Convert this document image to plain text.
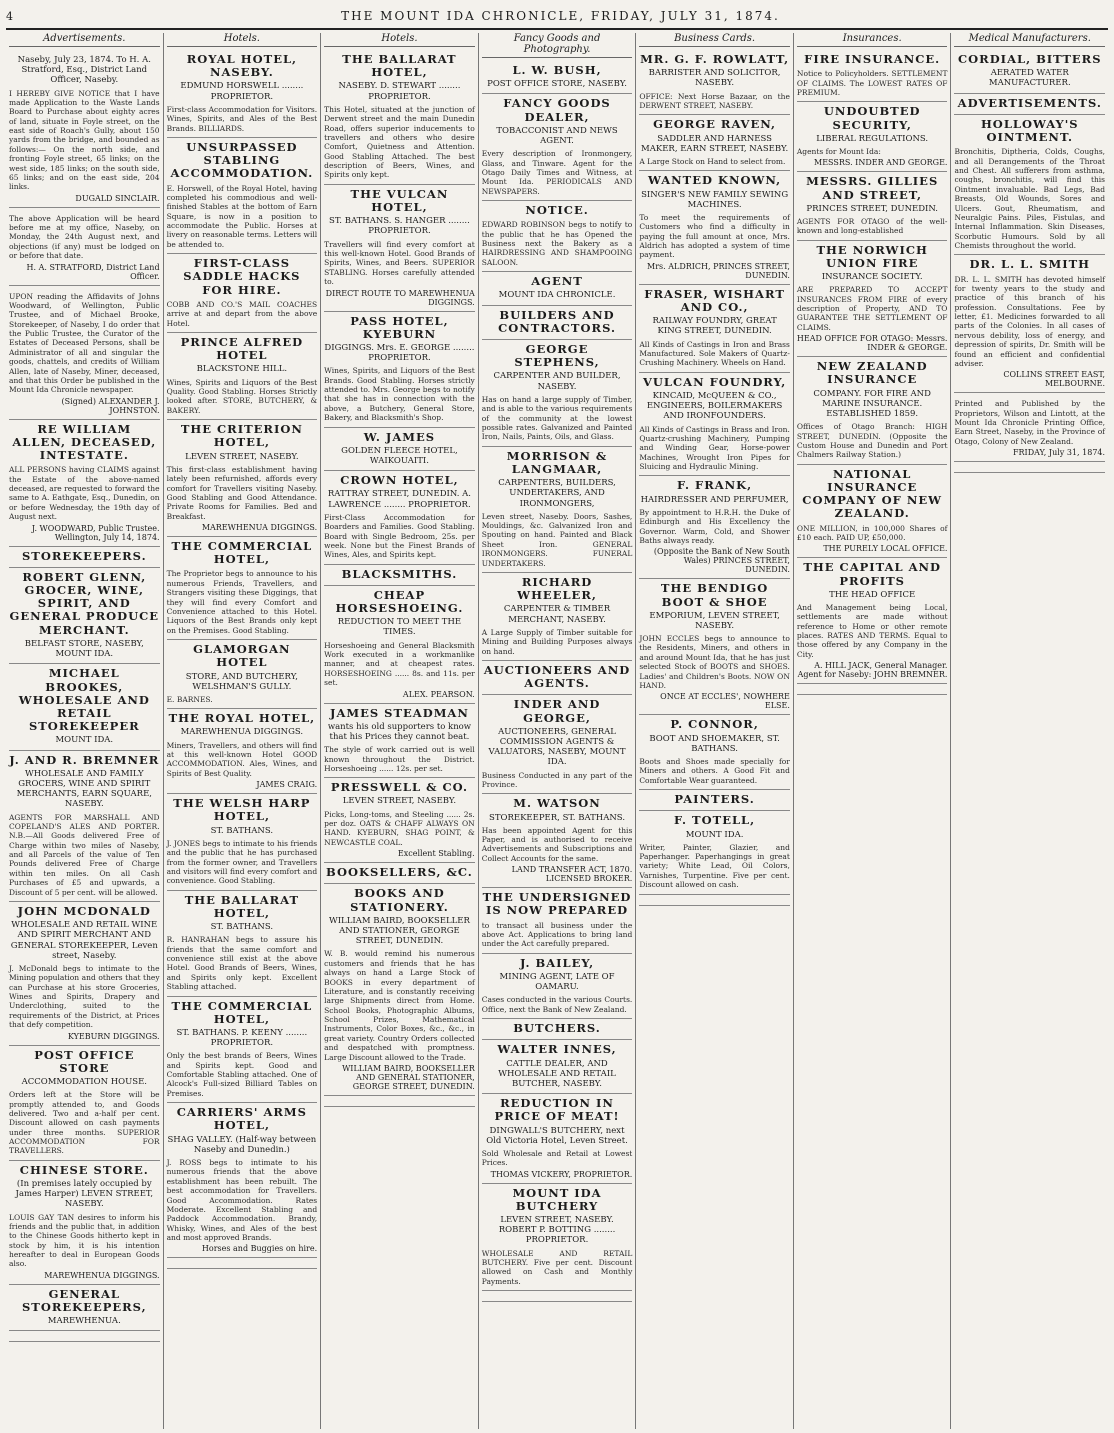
4	THE MOUNT IDA CHRONICLE, FRIDAY, JULY 31, 1874.
Advertisements.
Naseby, July 23, 1874. To H. A. Stratford, Esq., District Land Officer, Naseby.
I HEREBY GIVE NOTICE that I have made Application to the Waste Lands Board to Purchase about eighty acres of land, situate in Foyle street, on the east side of Roach's Gully, about 150 yards from the bridge, and bounded as follows:— On the north side, and fronting Foyle street, 65 links; on the west side, 185 links; on the south side, 65 links; and on the east side, 204 links.
DUGALD SINCLAIR.
The above Application will be heard before me at my office, Naseby, on Monday, the 24th August next, and objections (if any) must be lodged on or before that date.
H. A. STRATFORD, District Land Officer.
UPON reading the Affidavits of Johns Woodward, of Wellington, Public Trustee, and of Michael Brooke, Storekeeper, of Naseby, I do order that the Public Trustee, the Curator of the Estates of Deceased Persons, shall be Administrator of all and singular the goods, chattels, and credits of William Allen, late of Naseby, Miner, deceased, and that this Order be published in the Mount Ida Chronicle newspaper.
(Signed) ALEXANDER J. JOHNSTON.
RE WILLIAM ALLEN, DECEASED, INTESTATE.
ALL PERSONS having CLAIMS against the Estate of the above-named deceased, are requested to forward the same to A. Eathgate, Esq., Dunedin, on or before Wednesday, the 19th day of August next.
J. WOODWARD, Public Trustee. Wellington, July 14, 1874.
STOREKEEPERS.
ROBERT GLENN, GROCER, WINE, SPIRIT, AND GENERAL PRODUCE MERCHANT.
BELFAST STORE, NASEBY, MOUNT IDA.
MICHAEL BROOKES, WHOLESALE AND RETAIL STOREKEEPER
MOUNT IDA.
J. AND R. BREMNER
WHOLESALE AND FAMILY GROCERS, WINE AND SPIRIT MERCHANTS, EARN SQUARE, NASEBY.
AGENTS FOR MARSHALL AND COPELAND'S ALES AND PORTER. N.B.—All Goods delivered Free of Charge within two miles of Naseby, and all Parcels of the value of Ten Pounds delivered Free of Charge within ten miles. On all Cash Purchases of £5 and upwards, a Discount of 5 per cent. will be allowed.
JOHN MCDONALD
WHOLESALE AND RETAIL WINE AND SPIRIT MERCHANT AND GENERAL STOREKEEPER, Leven street, Naseby.
J. McDonald begs to intimate to the Mining population and others that they can Purchase at his store Groceries, Wines and Spirits, Drapery and Underclothing, suited to the requirements of the District, at Prices that defy competition.
KYEBURN DIGGINGS.
POST OFFICE STORE
ACCOMMODATION HOUSE.
Orders left at the Store will be promptly attended to, and Goods delivered. Two and a-half per cent. Discount allowed on cash payments under three months. SUPERIOR ACCOMMODATION FOR TRAVELLERS.
CHINESE STORE.
(In premises lately occupied by James Harper) LEVEN STREET, NASEBY.
LOUIS GAY TAN desires to inform his friends and the public that, in addition to the Chinese Goods hitherto kept in stock by him, it is his intention hereafter to deal in European Goods also.
MAREWHENUA DIGGINGS.
GENERAL STOREKEEPERS,
MAREWHENUA.
Hotels.
ROYAL HOTEL, NASEBY.
EDMUND HORSWELL ........ PROPRIETOR.
First-class Accommodation for Visitors. Wines, Spirits, and Ales of the Best Brands. BILLIARDS.
UNSURPASSED STABLING ACCOMMODATION.
E. Horswell, of the Royal Hotel, having completed his commodious and well-finished Stables at the bottom of Earn Square, is now in a position to accommodate the Public. Horses at livery on reasonable terms. Letters will be attended to.
FIRST-CLASS SADDLE HACKS FOR HIRE.
COBB AND CO.'S MAIL COACHES arrive at and depart from the above Hotel.
PRINCE ALFRED HOTEL
BLACKSTONE HILL.
Wines, Spirits and Liquors of the Best Quality. Good Stabling. Horses Strictly looked after. STORE, BUTCHERY, & BAKERY.
THE CRITERION HOTEL,
LEVEN STREET, NASEBY.
This first-class establishment having lately been refurnished, affords every comfort for Travellers visiting Naseby. Good Stabling and Good Attendance. Private Rooms for Families. Bed and Breakfast.
MAREWHENUA DIGGINGS.
THE COMMERCIAL HOTEL,
The Proprietor begs to announce to his numerous Friends, Travellers, and Strangers visiting these Diggings, that they will find every Comfort and Convenience attached to this Hotel. Liquors of the Best Brands only kept on the Premises. Good Stabling.
GLAMORGAN HOTEL
STORE, AND BUTCHERY, WELSHMAN'S GULLY.
E. BARNES.
THE ROYAL HOTEL,
MAREWHENUA DIGGINGS.
Miners, Travellers, and others will find at this well-known Hotel GOOD ACCOMMODATION. Ales, Wines, and Spirits of Best Quality.
JAMES CRAIG.
THE WELSH HARP HOTEL,
ST. BATHANS.
J. JONES begs to intimate to his friends and the public that he has purchased from the former owner, and Travellers and visitors will find every comfort and convenience. Good Stabling.
THE BALLARAT HOTEL,
ST. BATHANS.
R. HANRAHAN begs to assure his friends that the same comfort and convenience still exist at the above Hotel. Good Brands of Beers, Wines, and Spirits only kept. Excellent Stabling attached.
THE COMMERCIAL HOTEL,
ST. BATHANS. P. KEENY ........ PROPRIETOR.
Only the best brands of Beers, Wines and Spirits kept. Good and Comfortable Stabling attached. One of Alcock's Full-sized Billiard Tables on Premises.
CARRIERS' ARMS HOTEL,
SHAG VALLEY. (Half-way between Naseby and Dunedin.)
J. ROSS begs to intimate to his numerous friends that the above establishment has been rebuilt. The best accommodation for Travellers. Good Accommodation. Rates Moderate. Excellent Stabling and Paddock Accommodation. Brandy, Whisky, Wines, and Ales of the best and most approved Brands.
Horses and Buggies on hire.
Hotels.
THE BALLARAT HOTEL,
NASEBY. D. STEWART ........ PROPRIETOR.
This Hotel, situated at the junction of Derwent street and the main Dunedin Road, offers superior inducements to travellers and others who desire Comfort, Quietness and Attention. Good Stabling Attached. The best description of Beers, Wines, and Spirits only kept.
THE VULCAN HOTEL,
ST. BATHANS. S. HANGER ........ PROPRIETOR.
Travellers will find every comfort at this well-known Hotel. Good Brands of Spirits, Wines, and Beers. SUPERIOR STABLING. Horses carefully attended to.
DIRECT ROUTE TO MAREWHENUA DIGGINGS.
PASS HOTEL, KYEBURN
DIGGINGS. Mrs. E. GEORGE ........ PROPRIETOR.
Wines, Spirits, and Liquors of the Best Brands. Good Stabling. Horses strictly attended to. Mrs. George begs to notify that she has in connection with the above, a Butchery, General Store, Bakery, and Blacksmith's Shop.
W. JAMES
GOLDEN FLEECE HOTEL, WAIKOUAITI.
CROWN HOTEL,
RATTRAY STREET, DUNEDIN. A. LAWRENCE ........ PROPRIETOR.
First-Class Accommodation for Boarders and Families. Good Stabling. Board with Single Bedroom, 25s. per week. None but the Finest Brands of Wines, Ales, and Spirits kept.
BLACKSMITHS.
CHEAP HORSESHOEING.
REDUCTION TO MEET THE TIMES.
Horseshoeing and General Blacksmith Work executed in a workmanlike manner, and at cheapest rates. HORSESHOEING ...... 8s. and 11s. per set.
ALEX. PEARSON.
JAMES STEADMAN
wants his old supporters to know that his Prices they cannot beat.
The style of work carried out is well known throughout the District. Horseshoeing ...... 12s. per set.
PRESSWELL & CO.
LEVEN STREET, NASEBY.
Picks, Long-toms, and Steeling ...... 2s. per doz. OATS & CHAFF ALWAYS ON HAND. KYEBURN, SHAG POINT, & NEWCASTLE COAL.
Excellent Stabling.
BOOKSELLERS, &C.
BOOKS AND STATIONERY.
WILLIAM BAIRD, BOOKSELLER AND STATIONER, GEORGE STREET, DUNEDIN.
W. B. would remind his numerous customers and friends that he has always on hand a Large Stock of BOOKS in every department of Literature, and is constantly receiving large Shipments direct from Home. School Books, Photographic Albums, School Prizes, Mathematical Instruments, Color Boxes, &c., &c., in great variety. Country Orders collected and despatched with promptness. Large Discount allowed to the Trade.
WILLIAM BAIRD, BOOKSELLER AND GENERAL STATIONER, GEORGE STREET, DUNEDIN.
Fancy Goods and Photography.
L. W. BUSH,
POST OFFICE STORE, NASEBY.
FANCY GOODS DEALER,
TOBACCONIST AND NEWS AGENT.
Every description of Ironmongery, Glass, and Tinware. Agent for the Otago Daily Times and Witness, at Mount Ida. PERIODICALS AND NEWSPAPERS.
NOTICE.
EDWARD ROBINSON begs to notify to the public that he has Opened the Business next the Bakery as a HAIRDRESSING AND SHAMPOOING SALOON.
AGENT
MOUNT IDA CHRONICLE.
BUILDERS AND CONTRACTORS.
GEORGE STEPHENS,
CARPENTER AND BUILDER, NASEBY.
Has on hand a large supply of Timber, and is able to the various requirements of the community at the lowest possible rates. Galvanized and Painted Iron, Nails, Paints, Oils, and Glass.
MORRISON & LANGMAAR,
CARPENTERS, BUILDERS, UNDERTAKERS, AND IRONMONGERS,
Leven street, Naseby. Doors, Sashes, Mouldings, &c. Galvanized Iron and Spouting on hand. Painted and Black Sheet Iron. GENERAL IRONMONGERS. FUNERAL UNDERTAKERS.
RICHARD WHEELER,
CARPENTER & TIMBER MERCHANT, NASEBY.
A Large Supply of Timber suitable for Mining and Building Purposes always on hand.
AUCTIONEERS AND AGENTS.
INDER AND GEORGE,
AUCTIONEERS, GENERAL COMMISSION AGENTS & VALUATORS, NASEBY, MOUNT IDA.
Business Conducted in any part of the Province.
M. WATSON
STOREKEEPER, ST. BATHANS.
Has been appointed Agent for this Paper, and is authorised to receive Advertisements and Subscriptions and Collect Accounts for the same.
LAND TRANSFER ACT, 1870. LICENSED BROKER.
THE UNDERSIGNED IS NOW PREPARED
to transact all business under the above Act. Applications to bring land under the Act carefully prepared.
J. BAILEY,
MINING AGENT, LATE OF OAMARU.
Cases conducted in the various Courts. Office, next the Bank of New Zealand.
BUTCHERS.
WALTER INNES,
CATTLE DEALER, AND WHOLESALE AND RETAIL BUTCHER, NASEBY.
REDUCTION IN PRICE OF MEAT!
DINGWALL'S BUTCHERY, next Old Victoria Hotel, Leven Street.
Sold Wholesale and Retail at Lowest Prices.
THOMAS VICKERY, PROPRIETOR.
MOUNT IDA BUTCHERY
LEVEN STREET, NASEBY. ROBERT P. BOTTING ........ PROPRIETOR.
WHOLESALE AND RETAIL BUTCHERY. Five per cent. Discount allowed on Cash and Monthly Payments.
Business Cards.
MR. G. F. ROWLATT,
BARRISTER AND SOLICITOR, NASEBY.
OFFICE: Next Horse Bazaar, on the DERWENT STREET, NASEBY.
GEORGE RAVEN,
SADDLER AND HARNESS MAKER, EARN STREET, NASEBY.
A Large Stock on Hand to select from.
WANTED KNOWN,
SINGER'S NEW FAMILY SEWING MACHINES.
To meet the requirements of Customers who find a difficulty in paying the full amount at once, Mrs. Aldrich has adopted a system of time payment.
Mrs. ALDRICH, PRINCES STREET, DUNEDIN.
FRASER, WISHART AND CO.,
RAILWAY FOUNDRY, GREAT KING STREET, DUNEDIN.
All Kinds of Castings in Iron and Brass Manufactured. Sole Makers of Quartz-Crushing Machinery. Wheels on Hand.
VULCAN FOUNDRY,
KINCAID, McQUEEN & CO., ENGINEERS, BOILERMAKERS AND IRONFOUNDERS.
All Kinds of Castings in Brass and Iron. Quartz-crushing Machinery, Pumping and Winding Gear, Horse-power Machines, Wrought Iron Pipes for Sluicing and Hydraulic Mining.
F. FRANK,
HAIRDRESSER AND PERFUMER,
By appointment to H.R.H. the Duke of Edinburgh and His Excellency the Governor. Warm, Cold, and Shower Baths always ready.
(Opposite the Bank of New South Wales) PRINCES STREET, DUNEDIN.
THE BENDIGO BOOT & SHOE
EMPORIUM, LEVEN STREET, NASEBY.
JOHN ECCLES begs to announce to the Residents, Miners, and others in and around Mount Ida, that he has just selected Stock of BOOTS and SHOES. Ladies' and Children's Boots. NOW ON HAND.
ONCE AT ECCLES', NOWHERE ELSE.
P. CONNOR,
BOOT AND SHOEMAKER, ST. BATHANS.
Boots and Shoes made specially for Miners and others. A Good Fit and Comfortable Wear guaranteed.
PAINTERS.
F. TOTELL,
MOUNT IDA.
Writer, Painter, Glazier, and Paperhanger. Paperhangings in great variety; White Lead, Oil Colors, Varnishes, Turpentine. Five per cent. Discount allowed on cash.
Insurances.
FIRE INSURANCE.
Notice to Policyholders. SETTLEMENT OF CLAIMS. The LOWEST RATES OF PREMIUM.
UNDOUBTED SECURITY,
LIBERAL REGULATIONS.
Agents for Mount Ida:
MESSRS. INDER AND GEORGE.
MESSRS. GILLIES AND STREET,
PRINCES STREET, DUNEDIN.
AGENTS FOR OTAGO of the well-known and long-established
THE NORWICH UNION FIRE
INSURANCE SOCIETY.
ARE PREPARED TO ACCEPT INSURANCES FROM FIRE of every description of Property, AND TO GUARANTEE THE SETTLEMENT OF CLAIMS.
HEAD OFFICE FOR OTAGO: Messrs. INDER & GEORGE.
NEW ZEALAND INSURANCE
COMPANY. FOR FIRE AND MARINE INSURANCE. ESTABLISHED 1859.
Offices of Otago Branch: HIGH STREET, DUNEDIN. (Opposite the Custom House and Dunedin and Port Chalmers Railway Station.)
NATIONAL INSURANCE COMPANY OF NEW ZEALAND.
ONE MILLION, in 100,000 Shares of £10 each. PAID UP, £50,000.
THE PURELY LOCAL OFFICE.
THE CAPITAL AND PROFITS
THE HEAD OFFICE
And Management being Local, settlements are made without reference to Home or other remote places. RATES AND TERMS. Equal to those offered by any Company in the City.
A. HILL JACK, General Manager. Agent for Naseby: JOHN BREMNER.
Medical Manufacturers.
CORDIAL, BITTERS
AERATED WATER MANUFACTURER.
ADVERTISEMENTS.
HOLLOWAY'S OINTMENT.
Bronchitis, Diptheria, Colds, Coughs, and all Derangements of the Throat and Chest. All sufferers from asthma, coughs, bronchitis, will find this Ointment invaluable. Bad Legs, Bad Breasts, Old Wounds, Sores and Ulcers. Gout, Rheumatism, and Neuralgic Pains. Piles, Fistulas, and Internal Inflammation. Skin Diseases, Scorbutic Humours. Sold by all Chemists throughout the world.
DR. L. L. SMITH
DR. L. L. SMITH has devoted himself for twenty years to the study and practice of this branch of his profession. Consultations. Fee by letter, £1. Medicines forwarded to all parts of the Colonies. In all cases of nervous debility, loss of energy, and depression of spirits, Dr. Smith will be found an efficient and confidential adviser.
COLLINS STREET EAST, MELBOURNE.
Printed and Published by the Proprietors, Wilson and Lintott, at the Mount Ida Chronicle Printing Office, Earn Street, Naseby, in the Province of Otago, Colony of New Zealand.
FRIDAY, July 31, 1874.
